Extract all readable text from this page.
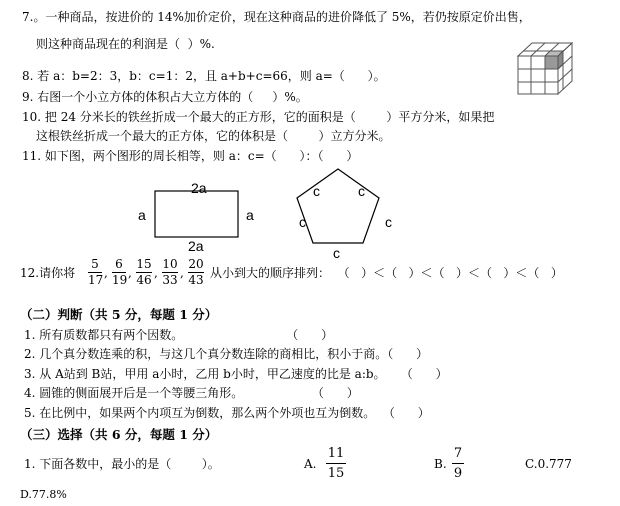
7.。一种商品，按进价的 14%加价定价，现在这种商品的进价降低了 5%，若仍按原定价出售，
则这种商品现在的利润是（  ）%.
8. 若 a：b=2：3，b：c=1：2，且 a+b+c=66，则 a=（      ）。
9. 右图一个小立方体的体积占大立方体的（     ）%。
10. 把 24 分米长的铁丝折成一个最大的正方形，它的面积是（        ）平方分米，如果把
这根铁丝折成一个最大的正方体，它的体积是（        ）立方分米。
11. 如下图，两个图形的周长相等，则 a：c=（      ）：（      ）
2a
a	a
2a
c	c
c	c
c
12.请你将
5
17 ,
6
19 ,
15
46 ,
10
33 ,
20
43 从小到大的顺序排列：  （   ）＜（   ）＜（   ）＜（   ）＜（   ）
（二）判断（共 5 分，每题 1 分）
1. 所有质数都只有两个因数。                           （      ）
2. 几个真分数连乘的积，与这几个真分数连除的商相比，积小于商。（      ）
3. 从 A站到 B站，甲用 a小时，乙用 b小时，甲乙速度的比是 a:b。    （      ）
4. 圆锥的侧面展开后是一个等腰三角形。                  （      ）
5. 在比例中，如果两个内项互为倒数，那么两个外项也互为倒数。  （      ）
（三）选择（共 6 分，每题 1 分）
1. 下面各数中，最小的是（        ）。	A.
11
15
B.
7
9
C.0.777
D.77.8%
